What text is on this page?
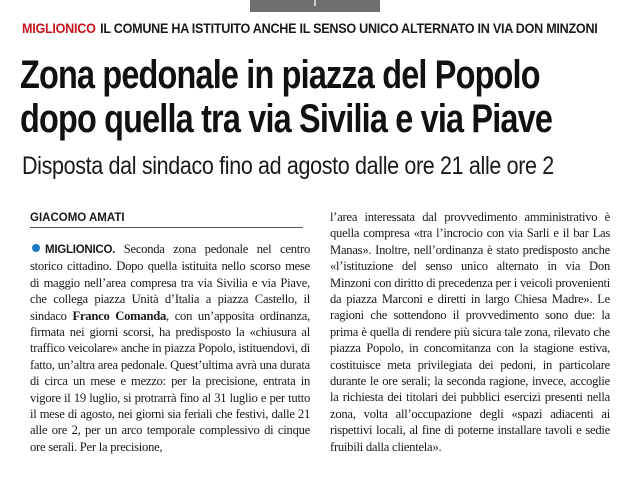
MIGLIONICO IL COMUNE HA ISTITUITO ANCHE IL SENSO UNICO ALTERNATO IN VIA DON MINZONI
Zona pedonale in piazza del Popolo
dopo quella tra via Sivilia e via Piave
Disposta dal sindaco fino ad agosto dalle ore 21 alle ore 2
GIACOMO AMATI

MIGLIONICO. Seconda zona pedonale nel centro storico cittadino. Dopo quella istituita nello scorso mese di maggio nell’area compresa tra via Sivilia e via Piave, che collega piazza Unità d’Italia a piazza Castello, il sindaco Franco Comanda, con un’apposita ordinanza, firmata nei giorni scorsi, ha predisposto la «chiusura al traffico veicolare» anche in piazza Popolo, istituendovi, di fatto, un’altra area pedonale. Quest’ultima avrà una durata di circa un mese e mezzo: per la precisione, entrata in vigore il 19 luglio, si protrarrà fino al 31 luglio e per tutto il mese di agosto, nei giorni sia feriali che festivi, dalle 21 alle ore 2, per un arco temporale complessivo di cinque ore serali. Per la precisione,

l’area interessata dal provvedimento amministrativo è quella compresa «tra l’incrocio con via Sarli e il bar Las Manas». Inoltre, nell’ordinanza è stato predisposto anche «l’istituzione del senso unico alternato in via Don Minzoni con diritto di precedenza per i veicoli provenienti da piazza Marconi e diretti in largo Chiesa Madre». Le ragioni che sottendono il provvedimento sono due: la prima è quella di rendere più sicura tale zona, rilevato che piazza Popolo, in concomitanza con la stagione estiva, costituisce meta privilegiata dei pedoni, in particolare durante le ore serali; la seconda ragione, invece, accoglie la richiesta dei titolari dei pubblici esercizi presenti nella zona, volta all’occupazione degli «spazi adiacenti ai rispettivi locali, al fine di poterne installare tavoli e sedie fruibili dalla clientela».
